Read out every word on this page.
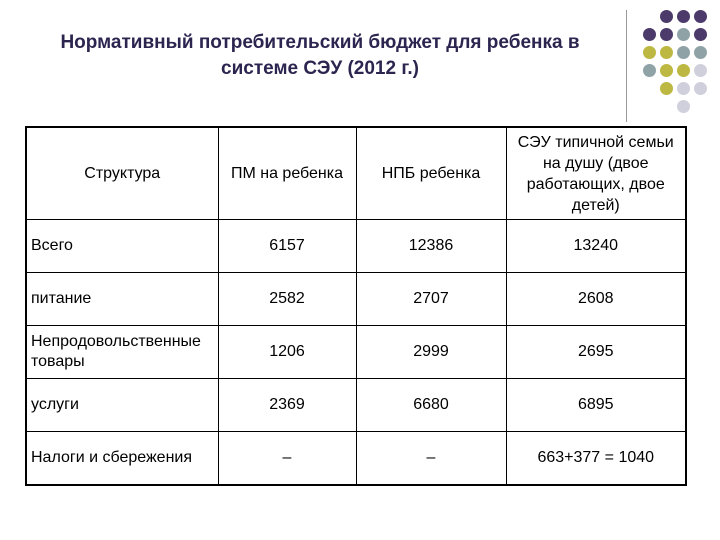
Нормативный потребительский бюджет для ребенка в
системе СЭУ (2012 г.)
Структура	ПМ на ребенка	НПБ ребенка	СЭУ типичной семьи на душу (двое работающих, двое детей)
Всего	6157	12386	13240
питание	2582	2707	2608
Непродовольственные товары	1206	2999	2695
услуги	2369	6680	6895
Налоги и сбережения	–	–	663+377 = 1040
